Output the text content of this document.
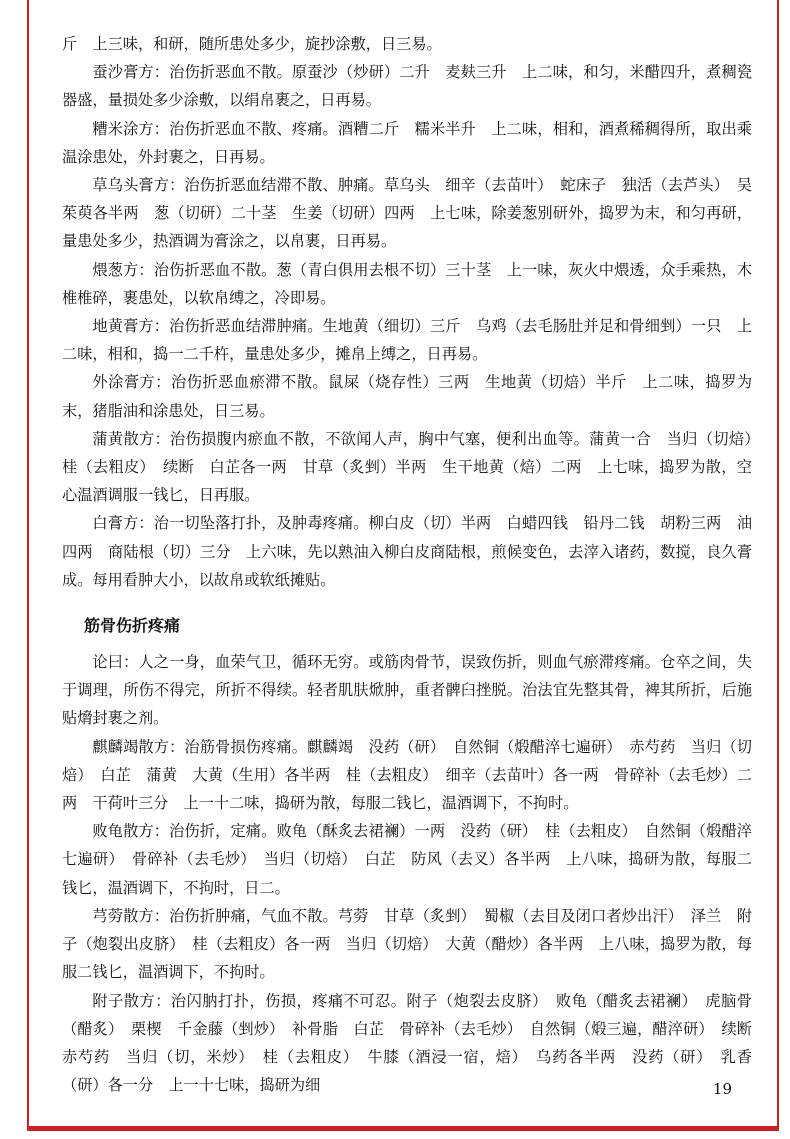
斤　上三味，和研，随所患处多少，旋抄涂敷，日三易。

蚕沙膏方：治伤折恶血不散。原蚕沙（炒研）二升　麦麸三升　上二味，和匀，米醋四升，煮稠瓷器盛，量损处多少涂敷，以绢帛裹之，日再易。

糟米涂方：治伤折恶血不散、疼痛。酒糟二斤　糯米半升　上二味，相和，酒煮稀稠得所，取出乘温涂患处，外封裹之，日再易。

草乌头膏方：治伤折恶血结滞不散、肿痛。草乌头　细辛（去苗叶）　蛇床子　独活（去芦头）　吴茱萸各半两　葱（切研）二十茎　生姜（切研）四两　上七味，除姜葱别研外，捣罗为末，和匀再研，量患处多少，热酒调为膏涂之，以帛裹，日再易。

煨葱方：治伤折恶血不散。葱（青白俱用去根不切）三十茎　上一味，灰火中煨透，众手乘热，木椎椎碎，裹患处，以软帛缚之，冷即易。

地黄膏方：治伤折恶血结滞肿痛。生地黄（细切）三斤　乌鸡（去毛肠肚并足和骨细剉）一只　上二味，相和，捣一二千杵，量患处多少，摊帛上缚之，日再易。

外涂膏方：治伤折恶血瘀滞不散。鼠屎（烧存性）三两　生地黄（切焙）半斤　上二味，捣罗为末，猪脂油和涂患处，日三易。

蒲黄散方：治伤损腹内瘀血不散，不欲闻人声，胸中气塞，便利出血等。蒲黄一合　当归（切焙）　桂（去粗皮）　续断　白芷各一两　甘草（炙剉）半两　生干地黄（焙）二两　上七味，捣罗为散，空心温酒调服一钱匕，日再服。

白膏方：治一切坠落打扑，及肿毒疼痛。柳白皮（切）半两　白蜡四钱　铅丹二钱　胡粉三两　油四两　商陆根（切）三分　上六味，先以熟油入柳白皮商陆根，煎候变色，去滓入诸药，数搅，良久膏成。每用看肿大小，以故帛或软纸摊贴。

筋骨伤折疼痛

论曰：人之一身，血荣气卫，循环无穷。或筋肉骨节，误致伤折，则血气瘀滞疼痛。仓卒之间，失于调理，所伤不得完，所折不得续。轻者肌肤焮肿，重者髀臼挫脱。治法宜先整其骨，裨其所折，后施贴熁封裹之剂。

麒麟竭散方：治筋骨损伤疼痛。麒麟竭　没药（研）　自然铜（煅醋淬七遍研）　赤芍药　当归（切焙）　白芷　蒲黄　大黄（生用）各半两　桂（去粗皮）　细辛（去苗叶）各一两　骨碎补（去毛炒）二两　干荷叶三分　上一十二味，捣研为散，每服二钱匕，温酒调下，不拘时。

败龟散方：治伤折，定痛。败龟（酥炙去裙襕）一两　没药（研）　桂（去粗皮）　自然铜（煅醋淬七遍研）　骨碎补（去毛炒）　当归（切焙）　白芷　防风（去叉）各半两　上八味，捣研为散，每服二钱匕，温酒调下，不拘时，日二。

芎䓖散方：治伤折肿痛，气血不散。芎䓖　甘草（炙剉）　蜀椒（去目及闭口者炒出汗）　泽兰　附子（炮裂出皮脐）　桂（去粗皮）各一两　当归（切焙）　大黄（醋炒）各半两　上八味，捣罗为散，每服二钱匕，温酒调下，不拘时。

附子散方：治闪肭打扑，伤损，疼痛不可忍。附子（炮裂去皮脐）　败龟（醋炙去裙襕）　虎脑骨（醋炙）　栗楔　千金藤（剉炒）　补骨脂　白芷　骨碎补（去毛炒）　自然铜（煅三遍，醋淬研）　续断　赤芍药　当归（切，米炒）　桂（去粗皮）　牛膝（酒浸一宿，焙）　乌药各半两　没药（研）　乳香（研）各一分　上一十七味，捣研为细	19
